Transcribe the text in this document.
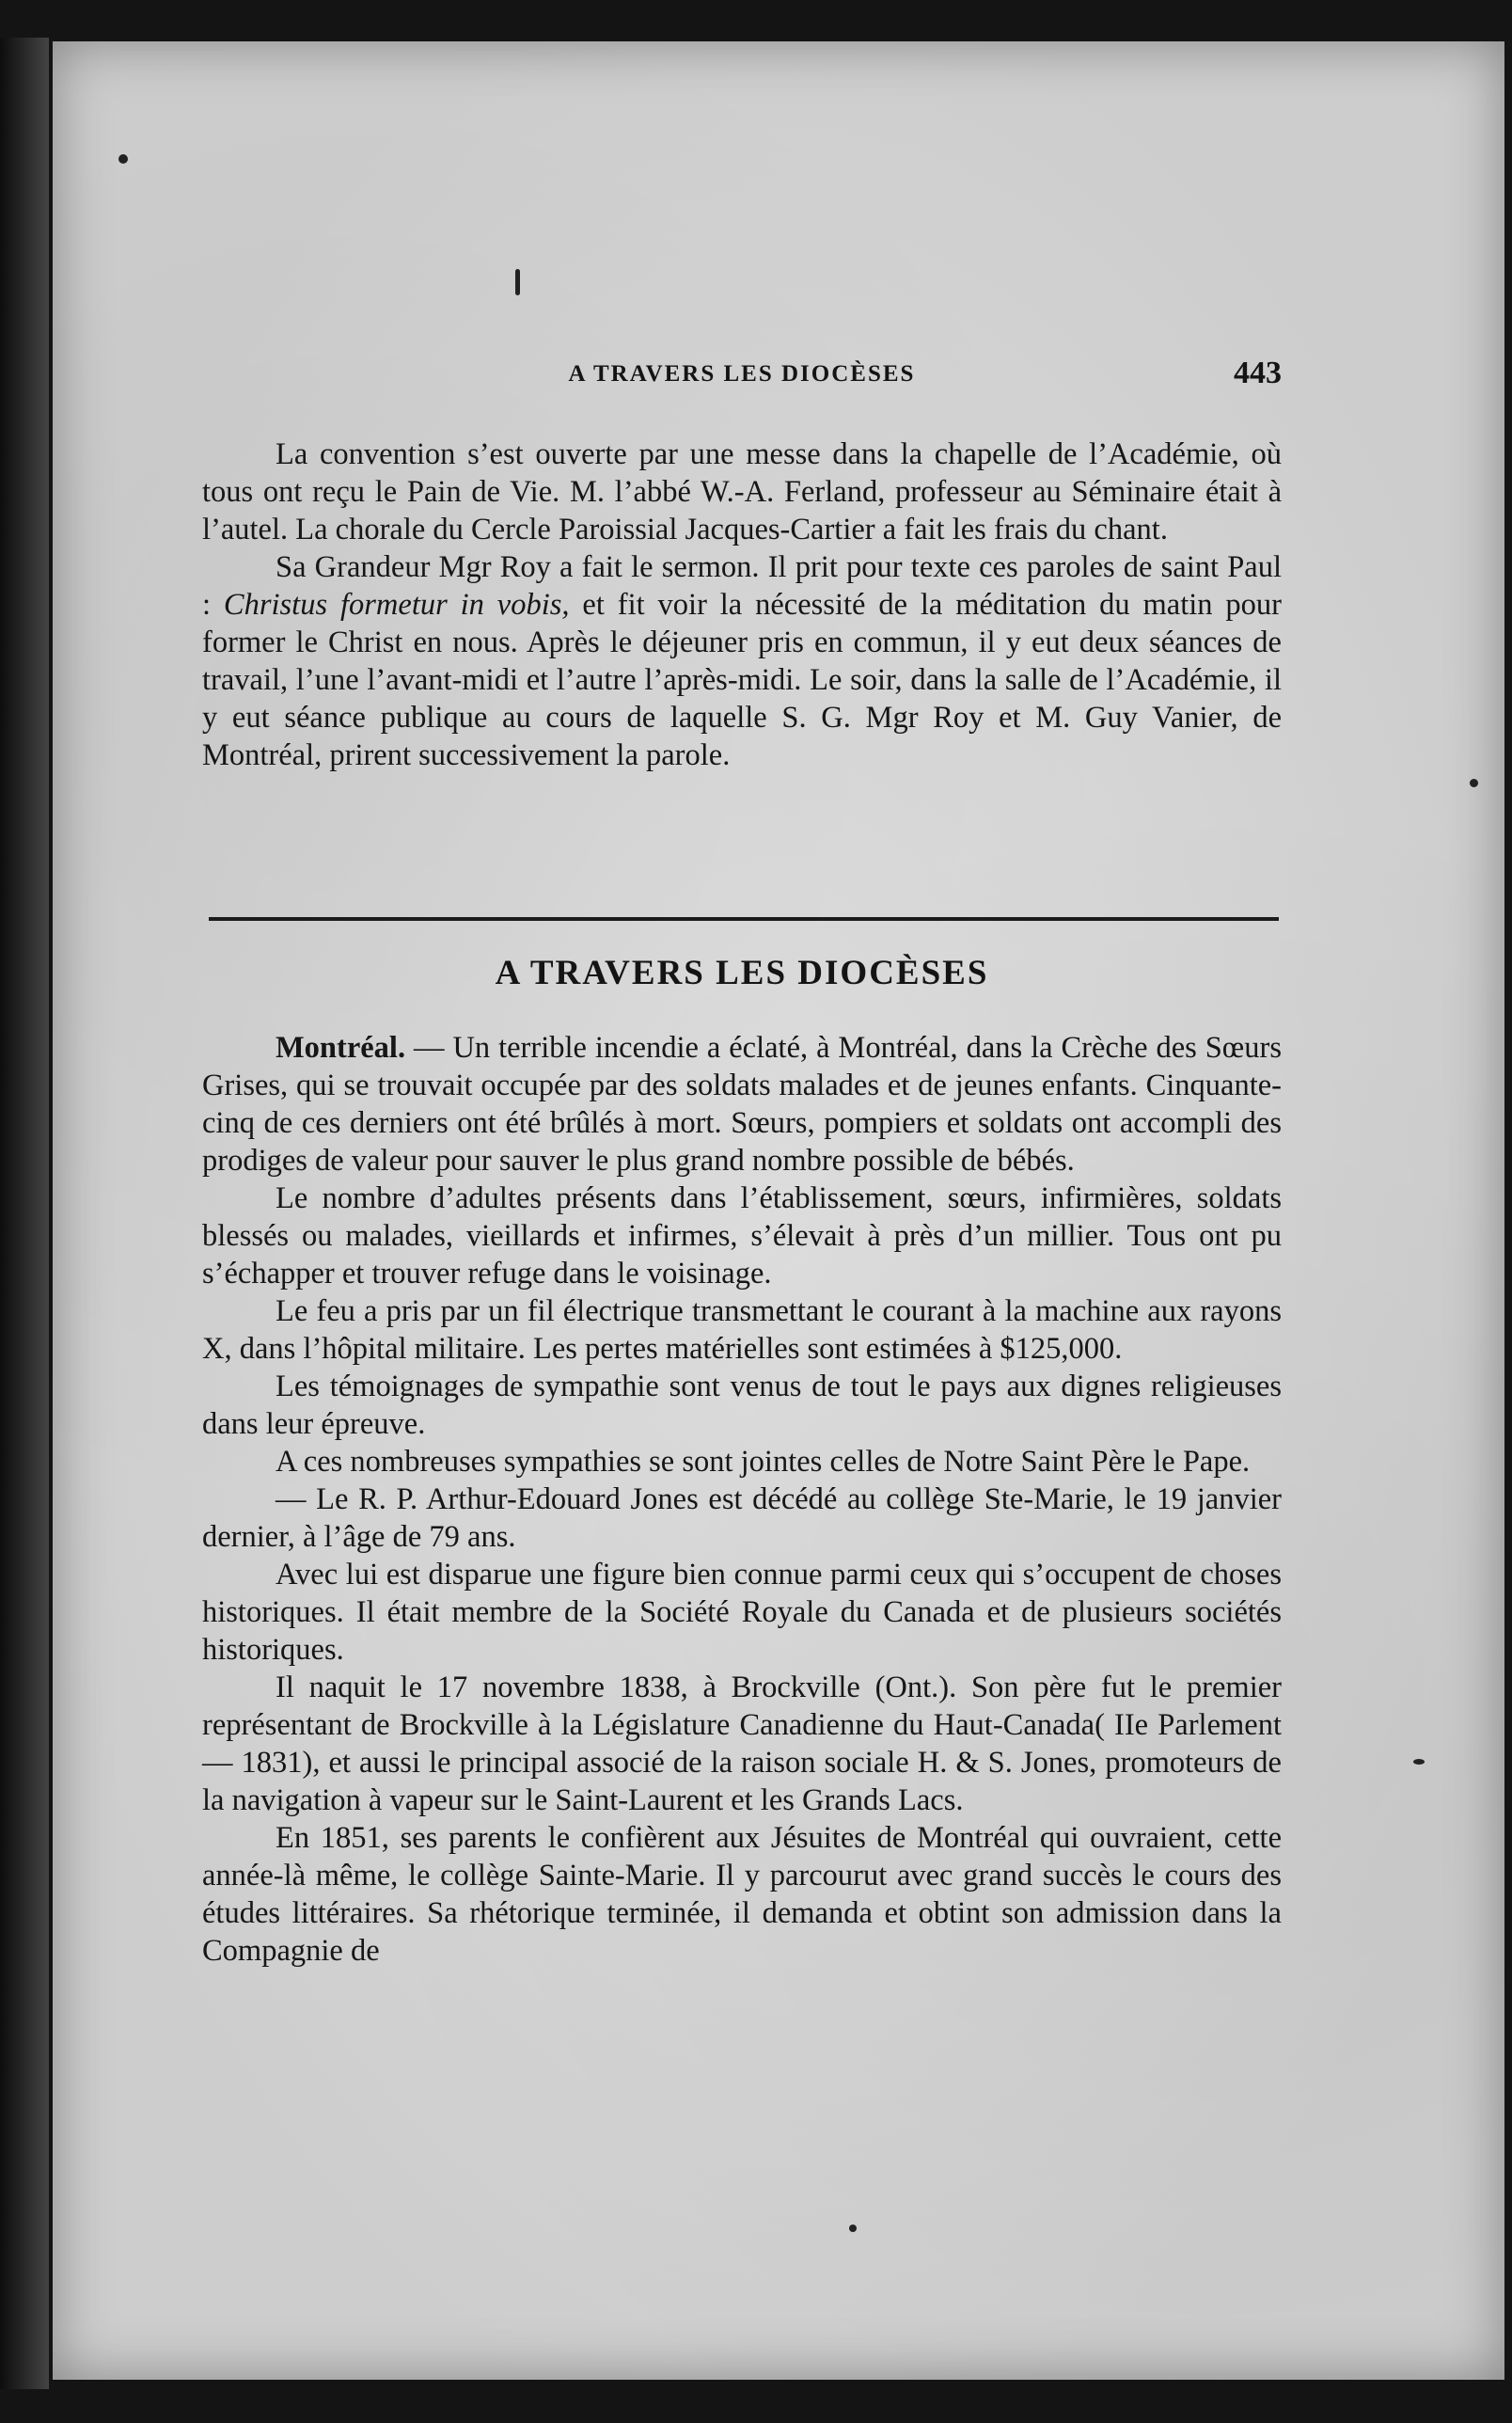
A TRAVERS LES DIOCÈSES	443

La convention s’est ouverte par une messe dans la chapelle de l’Académie, où tous ont reçu le Pain de Vie. M. l’abbé W.-A. Ferland, professeur au Séminaire était à l’autel. La chorale du Cercle Paroissial Jacques-Cartier a fait les frais du chant.

Sa Grandeur Mgr Roy a fait le sermon. Il prit pour texte ces paroles de saint Paul : Christus formetur in vobis, et fit voir la nécessité de la méditation du matin pour former le Christ en nous. Après le déjeuner pris en commun, il y eut deux séances de travail, l’une l’avant-midi et l’autre l’après-midi. Le soir, dans la salle de l’Académie, il y eut séance publique au cours de laquelle S. G. Mgr Roy et M. Guy Vanier, de Montréal, prirent successivement la parole.

A TRAVERS LES DIOCÈSES

Montréal. — Un terrible incendie a éclaté, à Montréal, dans la Crèche des Sœurs Grises, qui se trouvait occupée par des soldats malades et de jeunes enfants. Cinquante-cinq de ces derniers ont été brûlés à mort. Sœurs, pompiers et soldats ont accompli des prodiges de valeur pour sauver le plus grand nombre possible de bébés.

Le nombre d’adultes présents dans l’établissement, sœurs, infirmières, soldats blessés ou malades, vieillards et infirmes, s’élevait à près d’un millier. Tous ont pu s’échapper et trouver refuge dans le voisinage.

Le feu a pris par un fil électrique transmettant le courant à la machine aux rayons X, dans l’hôpital militaire. Les pertes matérielles sont estimées à $125,000.

Les témoignages de sympathie sont venus de tout le pays aux dignes religieuses dans leur épreuve.

A ces nombreuses sympathies se sont jointes celles de Notre Saint Père le Pape.

— Le R. P. Arthur-Edouard Jones est décédé au collège Ste-Marie, le 19 janvier dernier, à l’âge de 79 ans.

Avec lui est disparue une figure bien connue parmi ceux qui s’occupent de choses historiques. Il était membre de la Société Royale du Canada et de plusieurs sociétés historiques.

Il naquit le 17 novembre 1838, à Brockville (Ont.). Son père fut le premier représentant de Brockville à la Législature Canadienne du Haut-Canada( IIe Parlement — 1831), et aussi le principal associé de la raison sociale H. & S. Jones, promoteurs de la navigation à vapeur sur le Saint-Laurent et les Grands Lacs.

En 1851, ses parents le confièrent aux Jésuites de Montréal qui ouvraient, cette année-là même, le collège Sainte-Marie. Il y parcourut avec grand succès le cours des études littéraires. Sa rhétorique terminée, il demanda et obtint son admission dans la Compagnie de
